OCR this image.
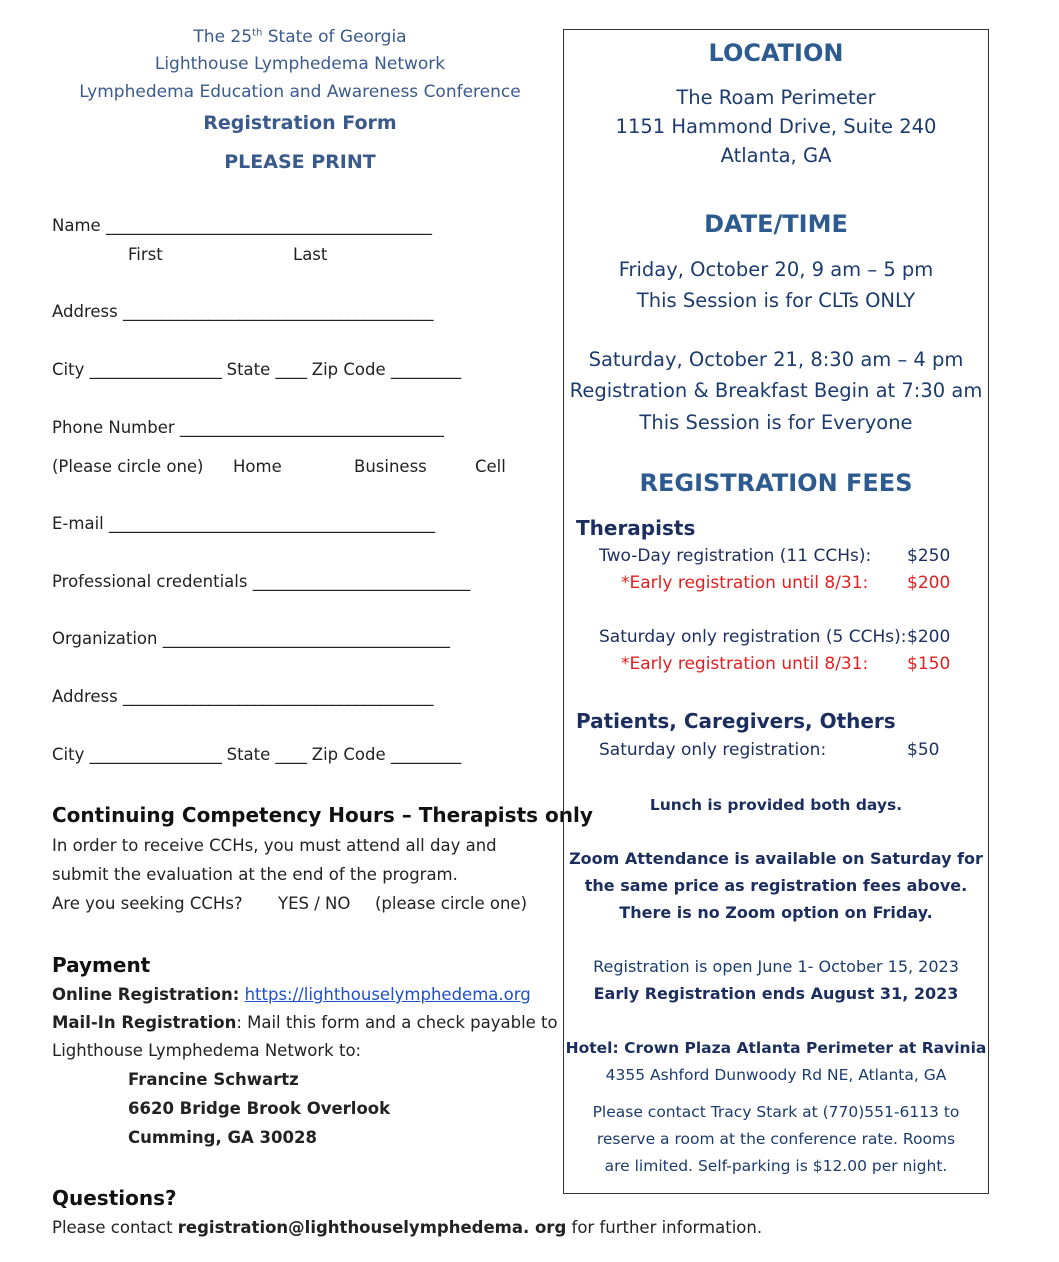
The 25th State of Georgia
Lighthouse Lymphedema Network
Lymphedema Education and Awareness Conference
Registration Form
PLEASE PRINT
Name __________________________________________
First	Last
Address ________________________________________
City _________________ State ____ Zip Code _________
Phone Number __________________________________
(Please circle one) Home	Business	Cell
E-mail __________________________________________
Professional credentials ____________________________
Organization _____________________________________
Address ________________________________________
City _________________ State ____ Zip Code _________
Continuing Competency Hours – Therapists only
In order to receive CCHs, you must attend all day and
submit the evaluation at the end of the program.
Are you seeking CCHs? YES / NO (please circle one)
Payment
Online Registration: https://lighthouselymphedema.org
Mail-In Registration: Mail this form and a check payable to
Lighthouse Lymphedema Network to:
Francine Schwartz
6620 Bridge Brook Overlook
Cumming, GA 30028
Questions?
Please contact registration@lighthouselymphedema. org for further information.
LOCATION
The Roam Perimeter
1151 Hammond Drive, Suite 240
Atlanta, GA
DATE/TIME
Friday, October 20, 9 am – 5 pm
This Session is for CLTs ONLY
Saturday, October 21, 8:30 am – 4 pm
Registration & Breakfast Begin at 7:30 am
This Session is for Everyone
REGISTRATION FEES
Therapists
Two-Day registration (11 CCHs): $250
*Early registration until 8/31: $200
Saturday only registration (5 CCHs): $200
*Early registration until 8/31: $150
Patients, Caregivers, Others
Saturday only registration:	$50
Lunch is provided both days.
Zoom Attendance is available on Saturday for
the same price as registration fees above.
There is no Zoom option on Friday.
Registration is open June 1- October 15, 2023
Early Registration ends August 31, 2023
Hotel: Crown Plaza Atlanta Perimeter at Ravinia
4355 Ashford Dunwoody Rd NE, Atlanta, GA
Please contact Tracy Stark at (770)551-6113 to
reserve a room at the conference rate. Rooms
are limited. Self-parking is $12.00 per night.
